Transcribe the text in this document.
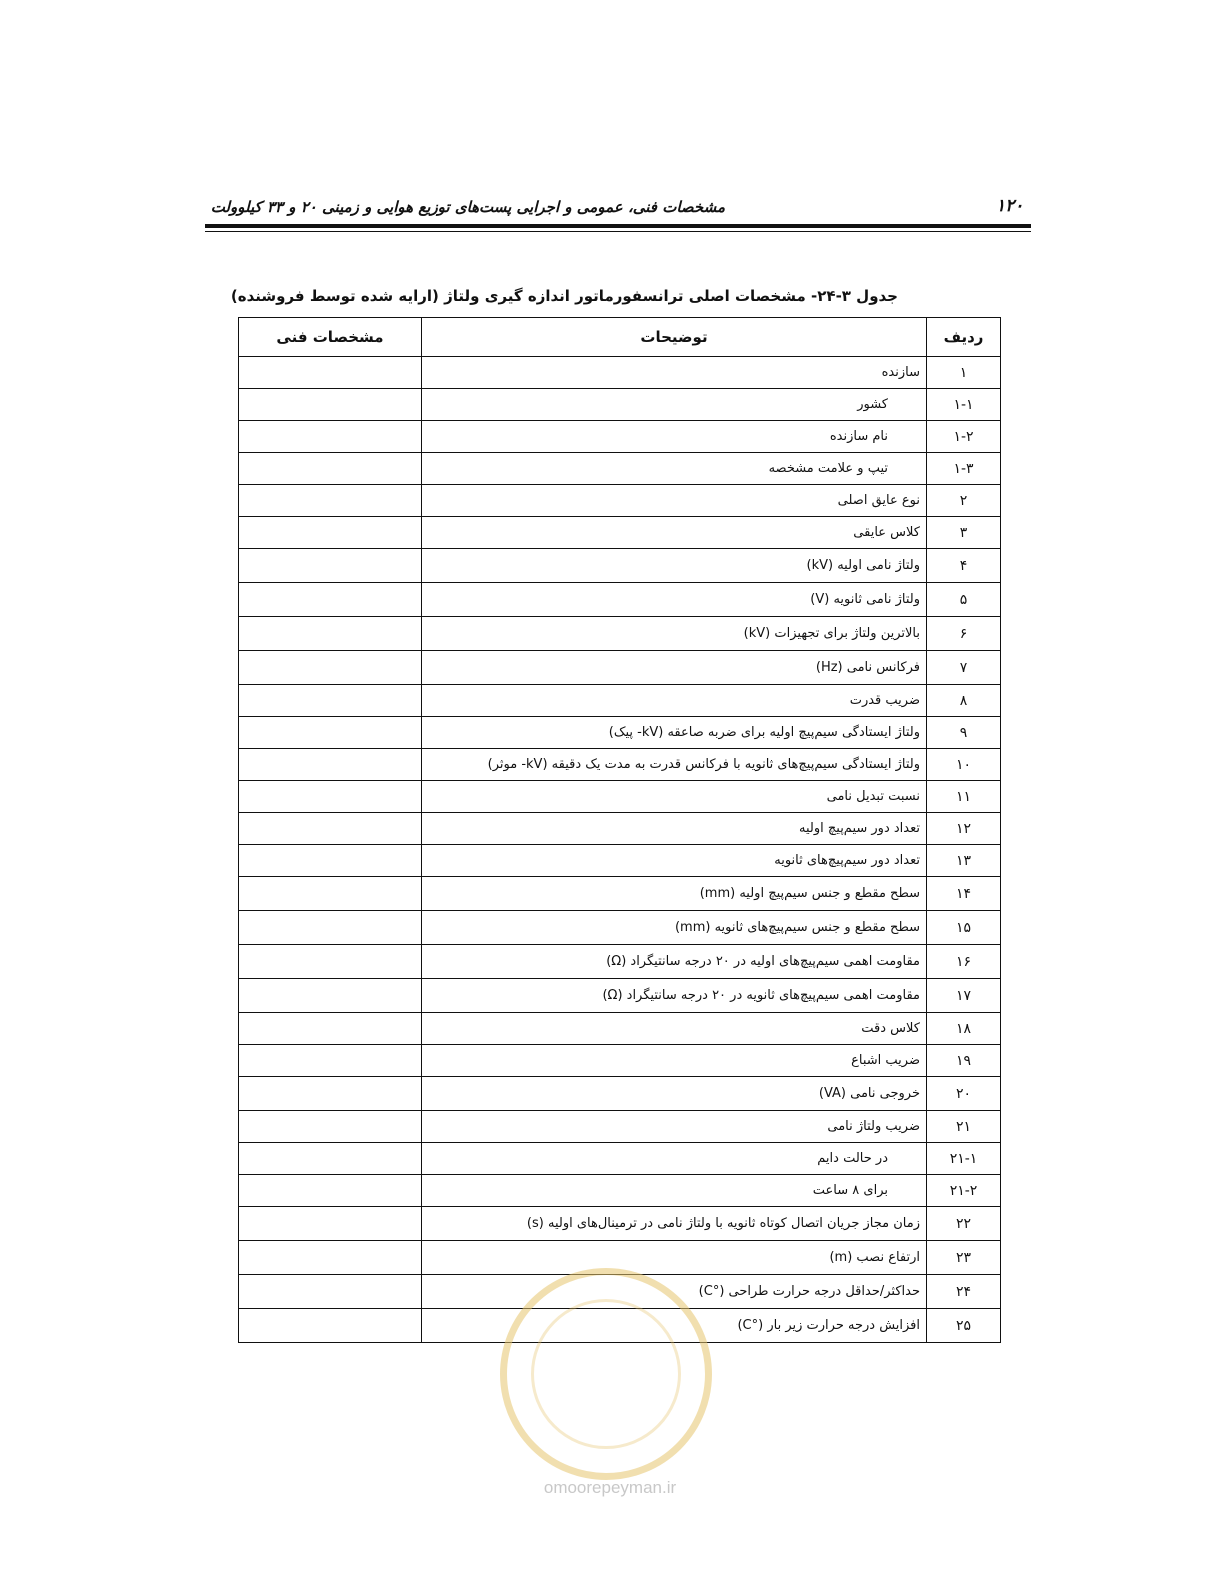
۱۲۰
مشخصات فنی، عمومی و اجرایی پست‌های توزیع هوایی و زمینی ۲۰ و ۳۳ کیلوولت
جدول ۳-۲۴- مشخصات اصلی ترانسفورماتور اندازه گیری ولتاژ (ارایه شده توسط فروشنده)
ردیف	توضیحات	مشخصات فنی
۱	سازنده	
۱-۱	کشور	
۱-۲	نام سازنده	
۱-۳	تیپ و علامت مشخصه	
۲	نوع عایق اصلی	
۳	کلاس عایقی	
۴	ولتاژ نامی اولیه (kV)	
۵	ولتاژ نامی ثانویه (V)	
۶	بالاترین ولتاژ برای تجهیزات (kV)	
۷	فرکانس نامی (Hz)	
۸	ضریب قدرت	
۹	ولتاژ ایستادگی سیم‌پیچ اولیه برای ضربه صاعقه (kV- پیک)	
۱۰	ولتاژ ایستادگی سیم‌پیچ‌های ثانویه با فرکانس قدرت به مدت یک دقیقه (kV- موثر)	
۱۱	نسبت تبدیل نامی	
۱۲	تعداد دور سیم‌پیچ اولیه	
۱۳	تعداد دور سیم‌پیچ‌های ثانویه	
۱۴	سطح مقطع و جنس سیم‌پیچ اولیه (mm)	
۱۵	سطح مقطع و جنس سیم‌پیچ‌های ثانویه (mm)	
۱۶	مقاومت اهمی سیم‌پیچ‌های اولیه در ۲۰ درجه سانتیگراد (Ω)	
۱۷	مقاومت اهمی سیم‌پیچ‌های ثانویه در ۲۰ درجه سانتیگراد (Ω)	
۱۸	کلاس دقت	
۱۹	ضریب اشباع	
۲۰	خروجی نامی (VA)	
۲۱	ضریب ولتاژ نامی	
۲۱-۱	در حالت دایم	
۲۱-۲	برای ۸ ساعت	
۲۲	زمان مجاز جریان اتصال کوتاه ثانویه با ولتاژ نامی در ترمینال‌های اولیه (s)	
۲۳	ارتفاع نصب (m)	
۲۴	حداکثر/حداقل درجه حرارت طراحی (°C)	
۲۵	افزایش درجه حرارت زیر بار (°C)	
omoorepeyman.ir
